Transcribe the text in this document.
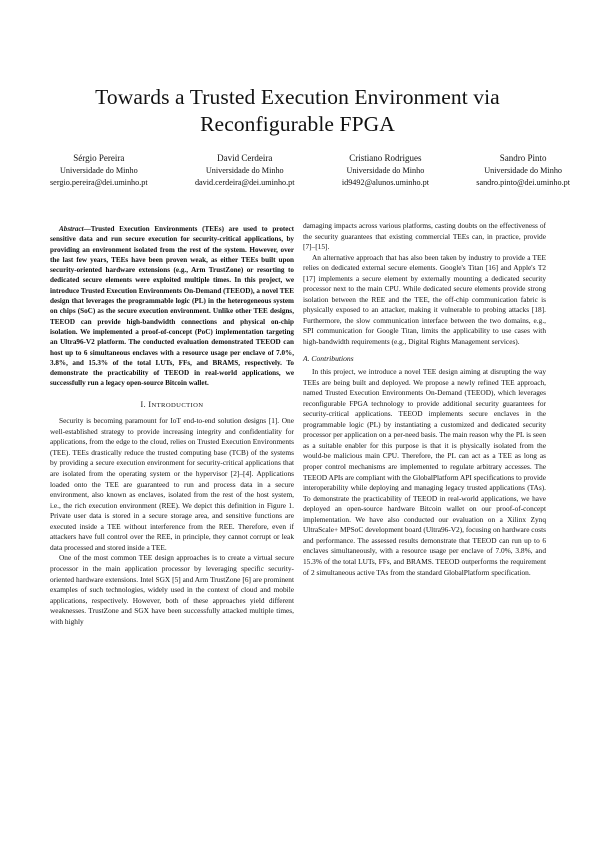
Towards a Trusted Execution Environment via Reconfigurable FPGA
Sérgio Pereira
Universidade do Minho
sergio.pereira@dei.uminho.pt
David Cerdeira
Universidade do Minho
david.cerdeira@dei.uminho.pt
Cristiano Rodrigues
Universidade do Minho
id9492@alunos.uminho.pt
Sandro Pinto
Universidade do Minho
sandro.pinto@dei.uminho.pt

Abstract—Trusted Execution Environments (TEEs) are used to protect sensitive data and run secure execution for security-critical applications, by providing an environment isolated from the rest of the system. However, over the last few years, TEEs have been proven weak, as either TEEs built upon security-oriented hardware extensions (e.g., Arm TrustZone) or resorting to dedicated secure elements were exploited multiple times. In this project, we introduce Trusted Execution Environments On-Demand (TEEOD), a novel TEE design that leverages the programmable logic (PL) in the heterogeneous system on chips (SoC) as the secure execution environment. Unlike other TEE designs, TEEOD can provide high-bandwidth connections and physical on-chip isolation. We implemented a proof-of-concept (PoC) implementation targeting an Ultra96-V2 platform. The conducted evaluation demonstrated TEEOD can host up to 6 simultaneous enclaves with a resource usage per enclave of 7.0%, 3.8%, and 15.3% of the total LUTs, FFs, and BRAMS, respectively. To demonstrate the practicability of TEEOD in real-world applications, we successfully run a legacy open-source Bitcoin wallet.

I. INTRODUCTION

Security is becoming paramount for IoT end-to-end solution designs [1]. One well-established strategy to provide increasing integrity and confidentiality for applications, from the edge to the cloud, relies on Trusted Execution Environments (TEE). TEEs drastically reduce the trusted computing base (TCB) of the systems by providing a secure execution environment for security-critical applications that are isolated from the operating system or the hypervisor [2]–[4]. Applications loaded onto the TEE are guaranteed to run and process data in a secure environment, also known as enclaves, isolated from the rest of the host system, i.e., the rich execution environment (REE). We depict this definition in Figure 1. Private user data is stored in a secure storage area, and sensitive functions are executed inside a TEE without interference from the REE. Therefore, even if attackers have full control over the REE, in principle, they cannot corrupt or leak data processed and stored inside a TEE.

One of the most common TEE design approaches is to create a virtual secure processor in the main application processor by leveraging specific security-oriented hardware extensions. Intel SGX [5] and Arm TrustZone [6] are prominent examples of such technologies, widely used in the context of cloud and mobile applications, respectively. However, both of these approaches yield different weaknesses. TrustZone and SGX have been successfully attacked multiple times, with highly

damaging impacts across various platforms, casting doubts on the effectiveness of the security guarantees that existing commercial TEEs can, in practice, provide [7]–[15].

An alternative approach that has also been taken by industry to provide a TEE relies on dedicated external secure elements. Google's Titan [16] and Apple's T2 [17] implements a secure element by externally mounting a dedicated security processor next to the main CPU. While dedicated secure elements provide strong isolation between the REE and the TEE, the off-chip communication fabric is physically exposed to an attacker, making it vulnerable to probing attacks [18]. Furthermore, the slow communication interface between the two domains, e.g., SPI communication for Google Titan, limits the applicability to use cases with high-bandwidth requirements (e.g., Digital Rights Management services).

A. Contributions

In this project, we introduce a novel TEE design aiming at disrupting the way TEEs are being built and deployed. We propose a newly refined TEE approach, named Trusted Execution Environments On-Demand (TEEOD), which leverages reconfigurable FPGA technology to provide additional security guarantees for security-critical applications. TEEOD implements secure enclaves in the programmable logic (PL) by instantiating a customized and dedicated security processor per application on a per-need basis. The main reason why the PL is seen as a suitable enabler for this purpose is that it is physically isolated from the would-be malicious main CPU. Therefore, the PL can act as a TEE as long as proper control mechanisms are implemented to regulate arbitrary accesses. The TEEOD APIs are compliant with the GlobalPlatform API specifications to provide interoperability while deploying and managing legacy trusted applications (TAs). To demonstrate the practicability of TEEOD in real-world applications, we have deployed an open-source hardware Bitcoin wallet on our proof-of-concept implementation. We have also conducted our evaluation on a Xilinx Zynq UltraScale+ MPSoC development board (Ultra96-V2), focusing on hardware costs and performance. The assessed results demonstrate that TEEOD can run up to 6 enclaves simultaneously, with a resource usage per enclave of 7.0%, 3.8%, and 15.3% of the total LUTs, FFs, and BRAMS. TEEOD outperforms the requirement of 2 simultaneous active TAs from the standard GlobalPlatform specification.
